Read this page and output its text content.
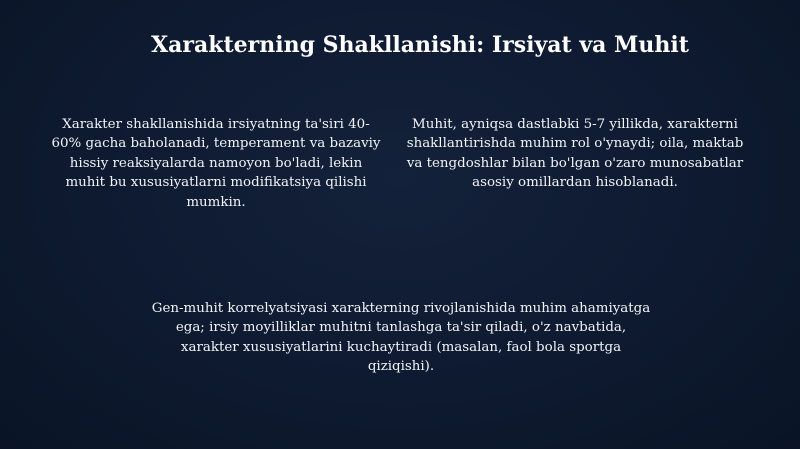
Xarakterning Shakllanishi: Irsiyat va Muhit

Xarakter shakllanishida irsiyatning ta'siri 40-60% gacha baholanadi, temperament va bazaviy hissiy reaksiyalarda namoyon bo'ladi, lekin muhit bu xususiyatlarni modifikatsiya qilishi mumkin.

Muhit, ayniqsa dastlabki 5-7 yillikda, xarakterni shakllantirishda muhim rol o'ynaydi; oila, maktab va tengdoshlar bilan bo'lgan o'zaro munosabatlar asosiy omillardan hisoblanadi.

Gen-muhit korrelyatsiyasi xarakterning rivojlanishida muhim ahamiyatga ega; irsiy moyilliklar muhitni tanlashga ta'sir qiladi, o'z navbatida, xarakter xususiyatlarini kuchaytiradi (masalan, faol bola sportga qiziqishi).
